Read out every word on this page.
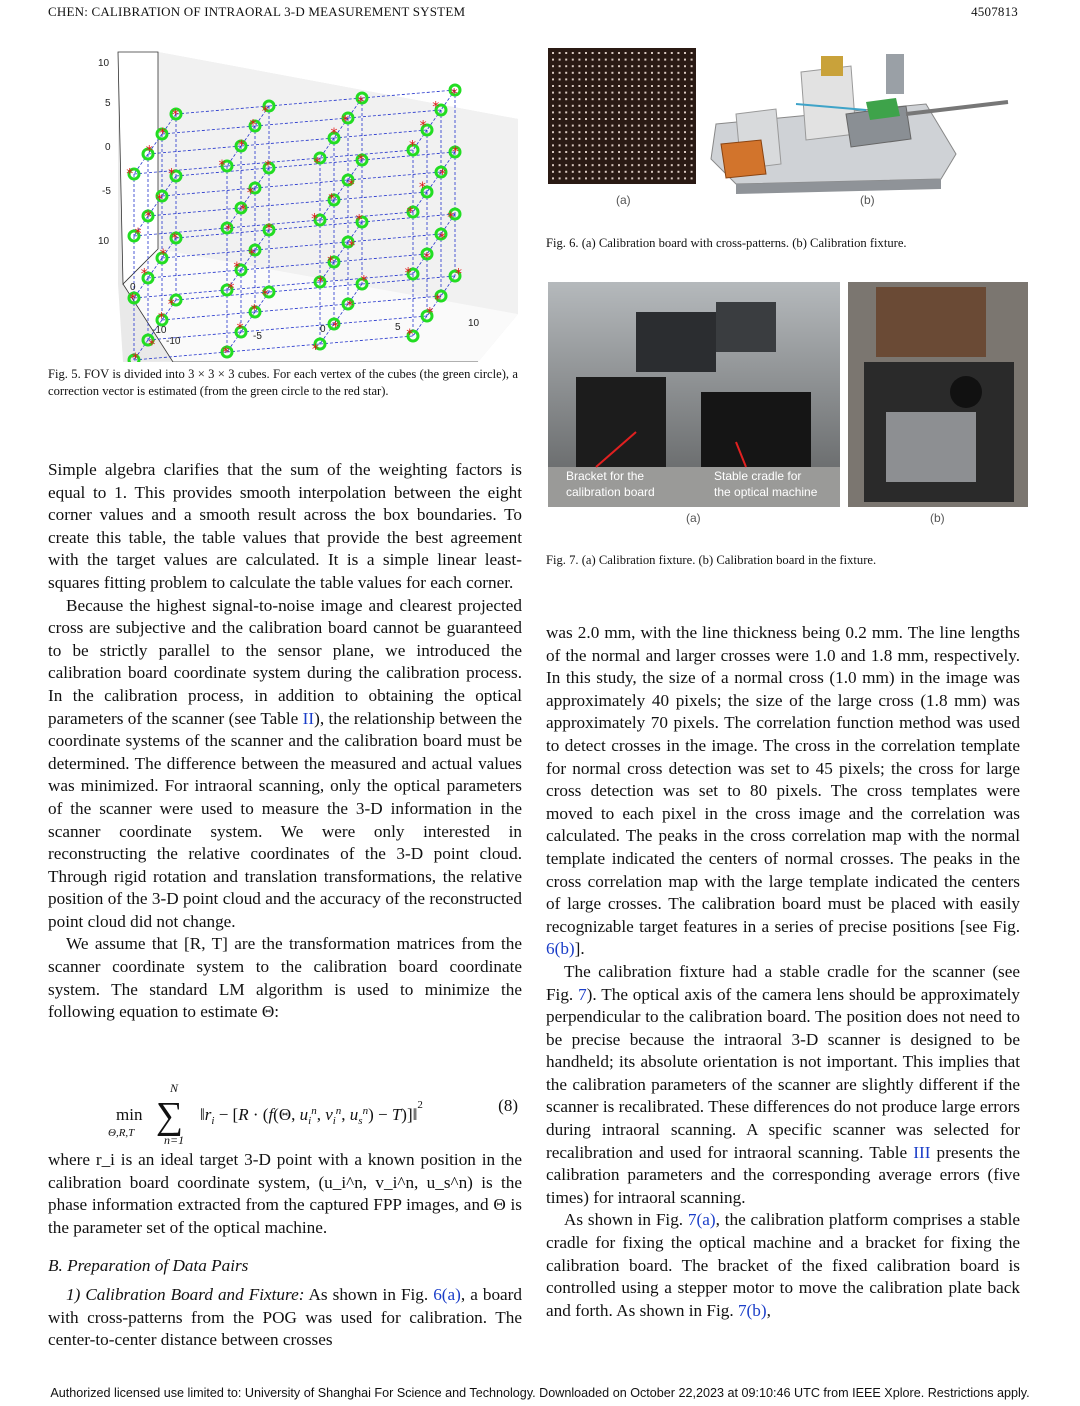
CHEN: CALIBRATION OF INTRAORAL 3-D MEASUREMENT SYSTEM	4507813
*
*
*
*
*
*
*
*
*
*
*
*
*
*
*
*
*
*
*
*
*
*
*
*
*
*
*
*
*
*
*
*
*
*
*
*
*
*
*
*
*
*
*
*
*
*
*
*
*
*
*
*
*
*
*
*
*
*
*
*
*
*
*
*
10
5
0
-5
10
0
-10
-10	-5
0	5	10
Fig. 5. FOV is divided into 3 × 3 × 3 cubes. For each vertex of the cubes (the green circle), a correction vector is estimated (from the green circle to the red star).
(a)	(b)
Fig. 6. (a) Calibration board with cross-patterns. (b) Calibration fixture.
Bracket for the
calibration board
Stable cradle for
the optical machine
(a)	(b)
Fig. 7. (a) Calibration fixture. (b) Calibration board in the fixture.

Simple algebra clarifies that the sum of the weighting factors is equal to 1. This provides smooth interpolation between the eight corner values and a smooth result across the box boundaries. To create this table, the table values that provide the best agreement with the target values are calculated. It is a simple linear least-squares fitting problem to calculate the table values for each corner.

Because the highest signal-to-noise image and clearest projected cross are subjective and the calibration board cannot be guaranteed to be strictly parallel to the sensor plane, we introduced the calibration board coordinate system during the calibration process. In the calibration process, in addition to obtaining the optical parameters of the scanner (see Table II), the relationship between the coordinate systems of the scanner and the calibration board must be determined. The difference between the measured and actual values was minimized. For intraoral scanning, only the optical parameters of the scanner were used to measure the 3-D information in the scanner coordinate system. We were only interested in reconstructing the relative coordinates of the 3-D point cloud. Through rigid rotation and translation transformations, the relative position of the 3-D point cloud and the accuracy of the reconstructed point cloud did not change.

We assume that [R, T] are the transformation matrices from the scanner coordinate system to the calibration board coordinate system. The standard LM algorithm is used to minimize the following equation to estimate Θ:

min
Θ,R,T
N
∑
n=1
$‖r_i - [R \cdot (f(\Theta$, $u_i^n$, $v_i^n$, $u_s^n$) − T)]‖$^2$	(8)

where r_i is an ideal target 3-D point with a known position in the calibration board coordinate system, (u_i^n, v_i^n, u_s^n) is the phase information extracted from the captured FPP images, and Θ is the parameter set of the optical machine.

B. Preparation of Data Pairs

1) Calibration Board and Fixture: As shown in Fig. 6(a), a board with cross-patterns from the POG was used for calibration. The center-to-center distance between crosses

was 2.0 mm, with the line thickness being 0.2 mm. The line lengths of the normal and larger crosses were 1.0 and 1.8 mm, respectively. In this study, the size of a normal cross (1.0 mm) in the image was approximately 40 pixels; the size of the large cross (1.8 mm) was approximately 70 pixels. The correlation function method was used to detect crosses in the image. The cross in the correlation template for normal cross detection was set to 45 pixels; the cross for large cross detection was set to 80 pixels. The cross templates were moved to each pixel in the cross image and the correlation was calculated. The peaks in the cross correlation map with the normal template indicated the centers of normal crosses. The peaks in the cross correlation map with the large template indicated the centers of large crosses. The calibration board must be placed with easily recognizable target features in a series of precise positions [see Fig. 6(b)].

The calibration fixture had a stable cradle for the scanner (see Fig. 7). The optical axis of the camera lens should be approximately perpendicular to the calibration board. The position does not need to be precise because the intraoral 3-D scanner is designed to be handheld; its absolute orientation is not important. This implies that the calibration parameters of the scanner are slightly different if the scanner is recalibrated. These differences do not produce large errors during intraoral scanning. A specific scanner was selected for recalibration and used for intraoral scanning. Table III presents the calibration parameters and the corresponding average errors (five times) for intraoral scanning.

As shown in Fig. 7(a), the calibration platform comprises a stable cradle for fixing the optical machine and a bracket for fixing the calibration board. The bracket of the fixed calibration board is controlled using a stepper motor to move the calibration plate back and forth. As shown in Fig. 7(b),

Authorized licensed use limited to: University of Shanghai For Science and Technology. Downloaded on October 22,2023 at 09:10:46 UTC from IEEE Xplore. Restrictions apply.
